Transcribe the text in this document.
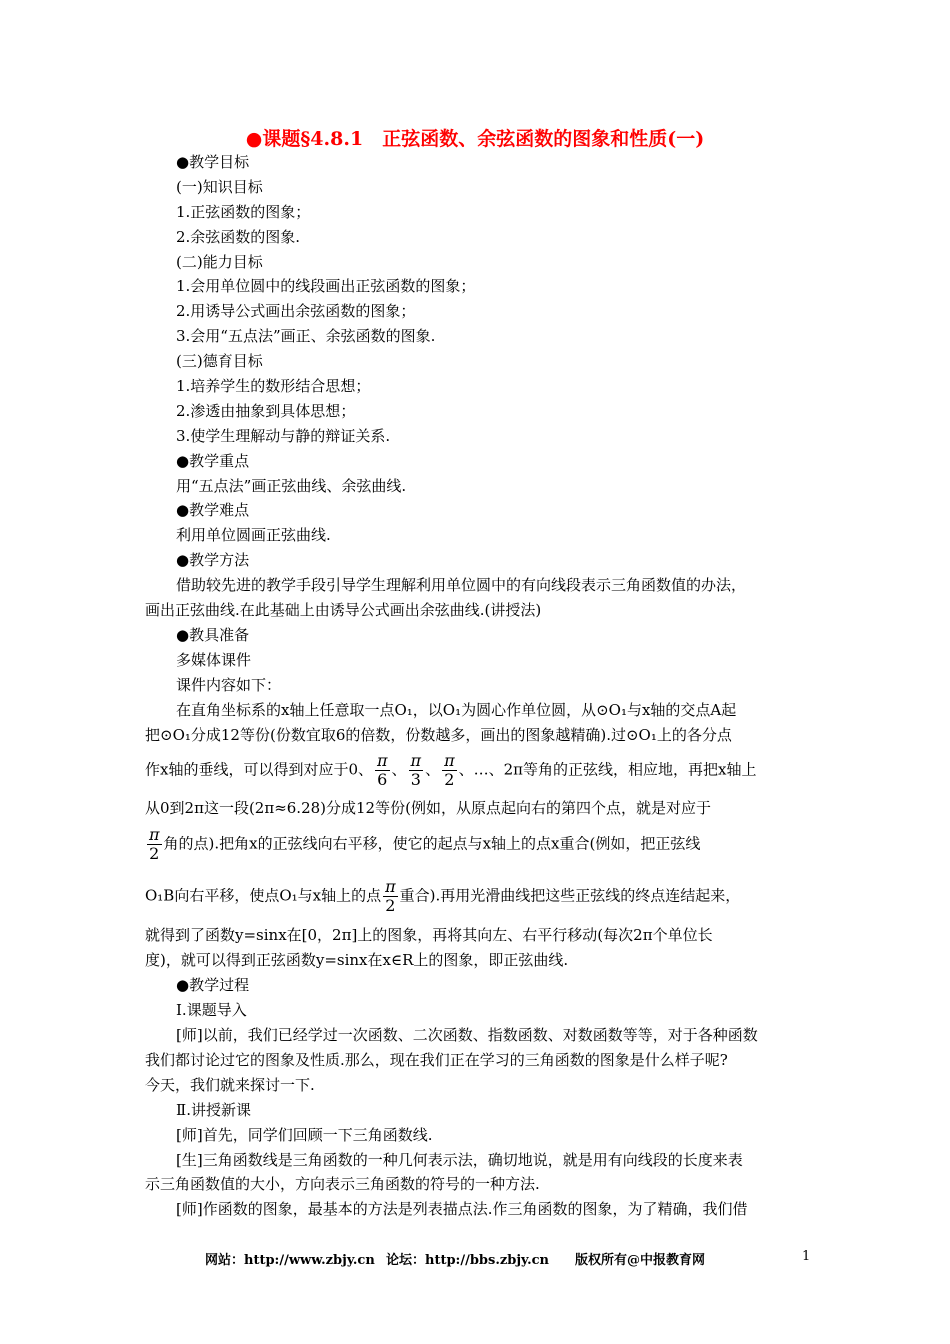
●课题§4.8.1　正弦函数、余弦函数的图象和性质(一)
●教学目标
(一)知识目标
1.正弦函数的图象；
2.余弦函数的图象.
(二)能力目标
1.会用单位圆中的线段画出正弦函数的图象；
2.用诱导公式画出余弦函数的图象；
3.会用“五点法”画正、余弦函数的图象.
(三)德育目标
1.培养学生的数形结合思想；
2.渗透由抽象到具体思想；
3.使学生理解动与静的辩证关系.
●教学重点
用“五点法”画正弦曲线、余弦曲线.
●教学难点
利用单位圆画正弦曲线.
●教学方法
借助较先进的教学手段引导学生理解利用单位圆中的有向线段表示三角函数值的办法，
画出正弦曲线.在此基础上由诱导公式画出余弦曲线.(讲授法)
●教具准备
多媒体课件
课件内容如下：
在直角坐标系的x轴上任意取一点O₁，以O₁为圆心作单位圆，从⊙O₁与x轴的交点A起
把⊙O₁分成12等份(份数宜取6的倍数，份数越多，画出的图象越精确).过⊙O₁上的各分点
作x轴的垂线，可以得到对应于0、 $\frac{\pi}{6}$ 、 $\frac{\pi}{3}$ 、 $\frac{\pi}{2}$ 、…、2π等角的正弦线，相应地，再把x轴上
从0到2π这一段(2π≈6.28)分成12等份(例如，从原点起向右的第四个点，就是对应于
$\frac{\pi}{2}$ 角的点).把角x的正弦线向右平移，使它的起点与x轴上的点x重合(例如，把正弦线
O₁B向右平移，使点O₁与x轴上的点 $\frac{\pi}{2}$ 重合).再用光滑曲线把这些正弦线的终点连结起来，
就得到了函数y=sinx在[0，2π]上的图象，再将其向左、右平行移动(每次2π个单位长
度)，就可以得到正弦函数y=sinx在x∈R上的图象，即正弦曲线.
●教学过程
Ⅰ.课题导入
[师]以前，我们已经学过一次函数、二次函数、指数函数、对数函数等等，对于各种函数
我们都讨论过它的图象及性质.那么，现在我们正在学习的三角函数的图象是什么样子呢?
今天，我们就来探讨一下.
Ⅱ.讲授新课
[师]首先，同学们回顾一下三角函数线.
[生]三角函数线是三角函数的一种几何表示法，确切地说，就是用有向线段的长度来表
示三角函数值的大小，方向表示三角函数的符号的一种方法.
[师]作函数的图象，最基本的方法是列表描点法.作三角函数的图象，为了精确，我们借
网站：http://www.zbjy.cn 论坛：http://bbs.zbjy.cn 版权所有@中报教育网	1
